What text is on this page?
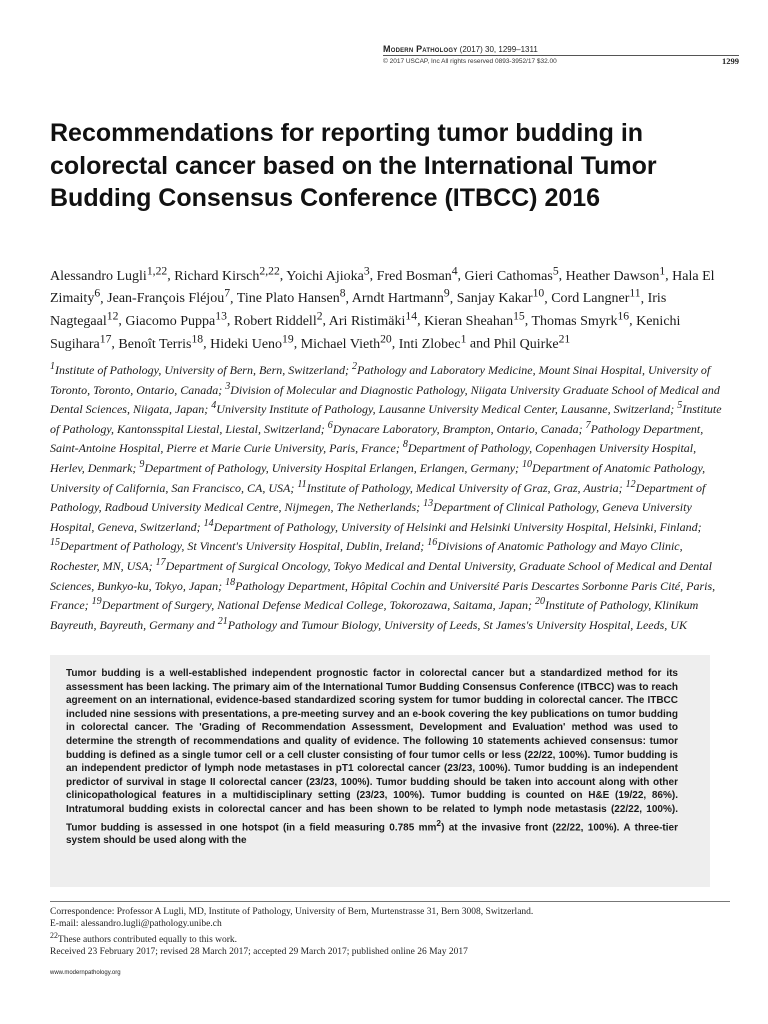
Modern Pathology (2017) 30, 1299–1311
© 2017 USCAP, Inc All rights reserved 0893-3952/17 $32.00	1299
Recommendations for reporting tumor budding in colorectal cancer based on the International Tumor Budding Consensus Conference (ITBCC) 2016

Alessandro Lugli$^{1,22}$, Richard Kirsch$^{2,22}$, Yoichi Ajioka$^3$, Fred Bosman$^4$, Gieri Cathomas$^5$, Heather Dawson$^1$, Hala El Zimaity$^6$, Jean-François Fléjou$^7$, Tine Plato Hansen$^8$, Arndt Hartmann$^9$, Sanjay Kakar$^{10}$, Cord Langner$^{11}$, Iris Nagtegaal$^{12}$, Giacomo Puppa$^{13}$, Robert Riddell$^2$, Ari Ristimäki$^{14}$, Kieran Sheahan$^{15}$, Thomas Smyrk$^{16}$, Kenichi Sugihara$^{17}$, Benoît Terris$^{18}$, Hideki Ueno$^{19}$, Michael Vieth$^{20}$, Inti Zlobec$^1$ and Phil Quirke$^{21}$

$^1$Institute of Pathology, University of Bern, Bern, Switzerland; $^2$Pathology and Laboratory Medicine, Mount Sinai Hospital, University of Toronto, Toronto, Ontario, Canada; $^3$Division of Molecular and Diagnostic Pathology, Niigata University Graduate School of Medical and Dental Sciences, Niigata, Japan; $^4$University Institute of Pathology, Lausanne University Medical Center, Lausanne, Switzerland; $^5$Institute of Pathology, Kantonsspital Liestal, Liestal, Switzerland; $^6$Dynacare Laboratory, Brampton, Ontario, Canada; $^7$Pathology Department, Saint-Antoine Hospital, Pierre et Marie Curie University, Paris, France; $^8$Department of Pathology, Copenhagen University Hospital, Herlev, Denmark; $^9$Department of Pathology, University Hospital Erlangen, Erlangen, Germany; $^{10}$Department of Anatomic Pathology, University of California, San Francisco, CA, USA; $^{11}$Institute of Pathology, Medical University of Graz, Graz, Austria; $^{12}$Department of Pathology, Radboud University Medical Centre, Nijmegen, The Netherlands; $^{13}$Department of Clinical Pathology, Geneva University Hospital, Geneva, Switzerland; $^{14}$Department of Pathology, University of Helsinki and Helsinki University Hospital, Helsinki, Finland; $^{15}$Department of Pathology, St Vincent's University Hospital, Dublin, Ireland; $^{16}$Divisions of Anatomic Pathology and Mayo Clinic, Rochester, MN, USA; $^{17}$Department of Surgical Oncology, Tokyo Medical and Dental University, Graduate School of Medical and Dental Sciences, Bunkyo-ku, Tokyo, Japan; $^{18}$Pathology Department, Hôpital Cochin and Université Paris Descartes Sorbonne Paris Cité, Paris, France; $^{19}$Department of Surgery, National Defense Medical College, Tokorozawa, Saitama, Japan; $^{20}$Institute of Pathology, Klinikum Bayreuth, Bayreuth, Germany and $^{21}$Pathology and Tumour Biology, University of Leeds, St James's University Hospital, Leeds, UK

Tumor budding is a well-established independent prognostic factor in colorectal cancer but a standardized method for its assessment has been lacking. The primary aim of the International Tumor Budding Consensus Conference (ITBCC) was to reach agreement on an international, evidence-based standardized scoring system for tumor budding in colorectal cancer. The ITBCC included nine sessions with presentations, a pre-meeting survey and an e-book covering the key publications on tumor budding in colorectal cancer. The 'Grading of Recommendation Assessment, Development and Evaluation' method was used to determine the strength of recommendations and quality of evidence. The following 10 statements achieved consensus: tumor budding is defined as a single tumor cell or a cell cluster consisting of four tumor cells or less (22/22, 100%). Tumor budding is an independent predictor of lymph node metastases in pT1 colorectal cancer (23/23, 100%). Tumor budding is an independent predictor of survival in stage II colorectal cancer (23/23, 100%). Tumor budding should be taken into account along with other clinicopathological features in a multidisciplinary setting (23/23, 100%). Tumor budding is counted on H&E (19/22, 86%). Intratumoral budding exists in colorectal cancer and has been shown to be related to lymph node metastasis (22/22, 100%). Tumor budding is assessed in one hotspot (in a field measuring 0.785 $mm^2$) at the invasive front (22/22, 100%). A three-tier system should be used along with the

Correspondence: Professor A Lugli, MD, Institute of Pathology, University of Bern, Murtenstrasse 31, Bern 3008, Switzerland.
E-mail: alessandro.lugli@pathology.unibe.ch
$^{22}$These authors contributed equally to this work.
Received 23 February 2017; revised 28 March 2017; accepted 29 March 2017; published online 26 May 2017
www.modernpathology.org
